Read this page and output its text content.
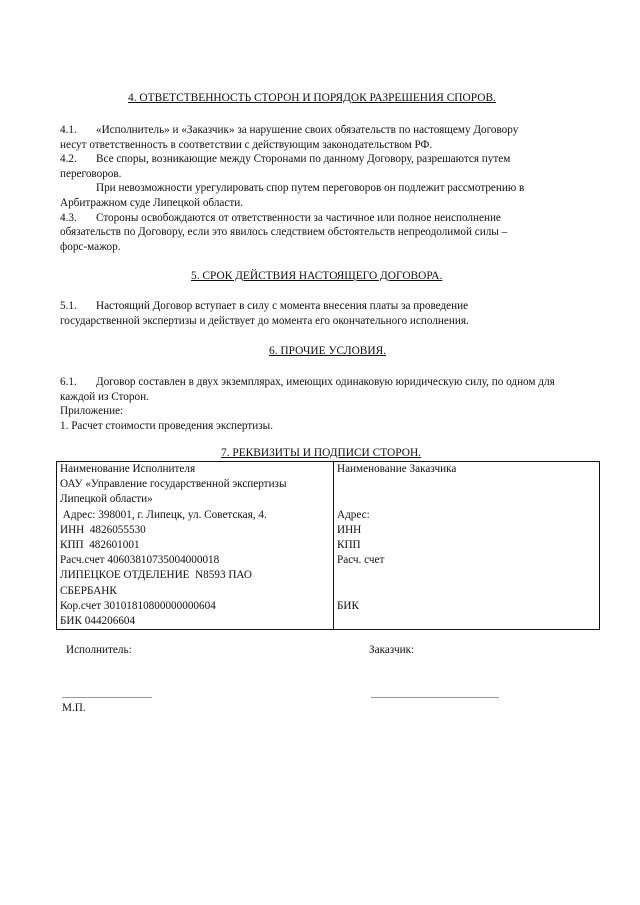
4. ОТВЕТСТВЕННОСТЬ СТОРОН И ПОРЯДОК РАЗРЕШЕНИЯ СПОРОВ.
4.1. «Исполнитель» и «Заказчик» за нарушение своих обязательств по настоящему Договору
несут ответственность в соответствии с действующим законодательством РФ.
4.2. Все споры, возникающие между Сторонами по данному Договору, разрешаются путем
переговоров.
При невозможности урегулировать спор путем переговоров он подлежит рассмотрению в
Арбитражном суде Липецкой области.
4.3. Стороны освобождаются от ответственности за частичное или полное неисполнение
обязательств по Договору, если это явилось следствием обстоятельств непреодолимой силы –
форс-мажор.
5. СРОК ДЕЙСТВИЯ НАСТОЯЩЕГО ДОГОВОРА.
5.1. Настоящий Договор вступает в силу с момента внесения платы за проведение
государственной экспертизы и действует до момента его окончательного исполнения.
6. ПРОЧИЕ УСЛОВИЯ.
6.1. Договор составлен в двух экземплярах, имеющих одинаковую юридическую силу, по одном для
каждой из Сторон.
Приложение:
1. Расчет стоимости проведения экспертизы.
7. РЕКВИЗИТЫ И ПОДПИСИ СТОРОН.
Наименование Исполнителя
ОАУ «Управление государственной экспертизы
Липецкой области»
Адрес: 398001, г. Липецк, ул. Советская, 4.
ИНН  4826055530
КПП  482601001
Расч.счет 40603810735004000018
ЛИПЕЦКОЕ ОТДЕЛЕНИЕ  N8593 ПАО
СБЕРБАНК
Кор.счет 30101810800000000604
БИК 044206604

Наименование Заказчика

Адрес:
ИНН
КПП
Расч. счет

БИК

Исполнитель:	Заказчик:
М.П.
